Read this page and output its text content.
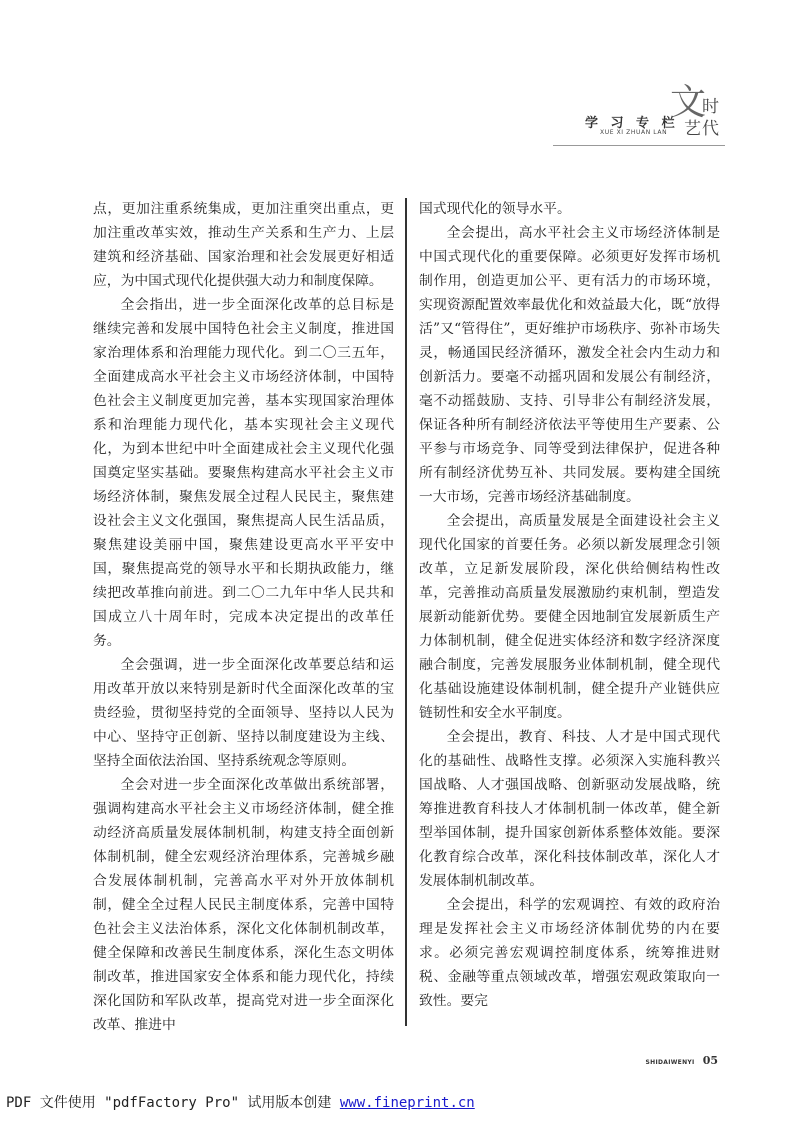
学 习 专 栏
XUE XI ZHUAN LAN
文
时
艺 代

点，更加注重系统集成，更加注重突出重点，更加注重改革实效，推动生产关系和生产力、上层建筑和经济基础、国家治理和社会发展更好相适应，为中国式现代化提供强大动力和制度保障。

全会指出，进一步全面深化改革的总目标是继续完善和发展中国特色社会主义制度，推进国家治理体系和治理能力现代化。到二〇三五年，全面建成高水平社会主义市场经济体制，中国特色社会主义制度更加完善，基本实现国家治理体系和治理能力现代化，基本实现社会主义现代化，为到本世纪中叶全面建成社会主义现代化强国奠定坚实基础。要聚焦构建高水平社会主义市场经济体制，聚焦发展全过程人民民主，聚焦建设社会主义文化强国，聚焦提高人民生活品质，聚焦建设美丽中国，聚焦建设更高水平平安中国，聚焦提高党的领导水平和长期执政能力，继续把改革推向前进。到二〇二九年中华人民共和国成立八十周年时，完成本决定提出的改革任务。

全会强调，进一步全面深化改革要总结和运用改革开放以来特别是新时代全面深化改革的宝贵经验，贯彻坚持党的全面领导、坚持以人民为中心、坚持守正创新、坚持以制度建设为主线、坚持全面依法治国、坚持系统观念等原则。

全会对进一步全面深化改革做出系统部署，强调构建高水平社会主义市场经济体制，健全推动经济高质量发展体制机制，构建支持全面创新体制机制，健全宏观经济治理体系，完善城乡融合发展体制机制，完善高水平对外开放体制机制，健全全过程人民民主制度体系，完善中国特色社会主义法治体系，深化文化体制机制改革，健全保障和改善民生制度体系，深化生态文明体制改革，推进国家安全体系和能力现代化，持续深化国防和军队改革，提高党对进一步全面深化改革、推进中

国式现代化的领导水平。

全会提出，高水平社会主义市场经济体制是中国式现代化的重要保障。必须更好发挥市场机制作用，创造更加公平、更有活力的市场环境，实现资源配置效率最优化和效益最大化，既“放得活”又“管得住”，更好维护市场秩序、弥补市场失灵，畅通国民经济循环，激发全社会内生动力和创新活力。要毫不动摇巩固和发展公有制经济，毫不动摇鼓励、支持、引导非公有制经济发展，保证各种所有制经济依法平等使用生产要素、公平参与市场竞争、同等受到法律保护，促进各种所有制经济优势互补、共同发展。要构建全国统一大市场，完善市场经济基础制度。

全会提出，高质量发展是全面建设社会主义现代化国家的首要任务。必须以新发展理念引领改革，立足新发展阶段，深化供给侧结构性改革，完善推动高质量发展激励约束机制，塑造发展新动能新优势。要健全因地制宜发展新质生产力体制机制，健全促进实体经济和数字经济深度融合制度，完善发展服务业体制机制，健全现代化基础设施建设体制机制，健全提升产业链供应链韧性和安全水平制度。

全会提出，教育、科技、人才是中国式现代化的基础性、战略性支撑。必须深入实施科教兴国战略、人才强国战略、创新驱动发展战略，统筹推进教育科技人才体制机制一体改革，健全新型举国体制，提升国家创新体系整体效能。要深化教育综合改革，深化科技体制改革，深化人才发展体制机制改革。

全会提出，科学的宏观调控、有效的政府治理是发挥社会主义市场经济体制优势的内在要求。必须完善宏观调控制度体系，统筹推进财税、金融等重点领域改革，增强宏观政策取向一致性。要完

SHIDAIWENYI 05
PDF 文件使用 "pdfFactory Pro" 试用版本创建 www.fineprint.cn
